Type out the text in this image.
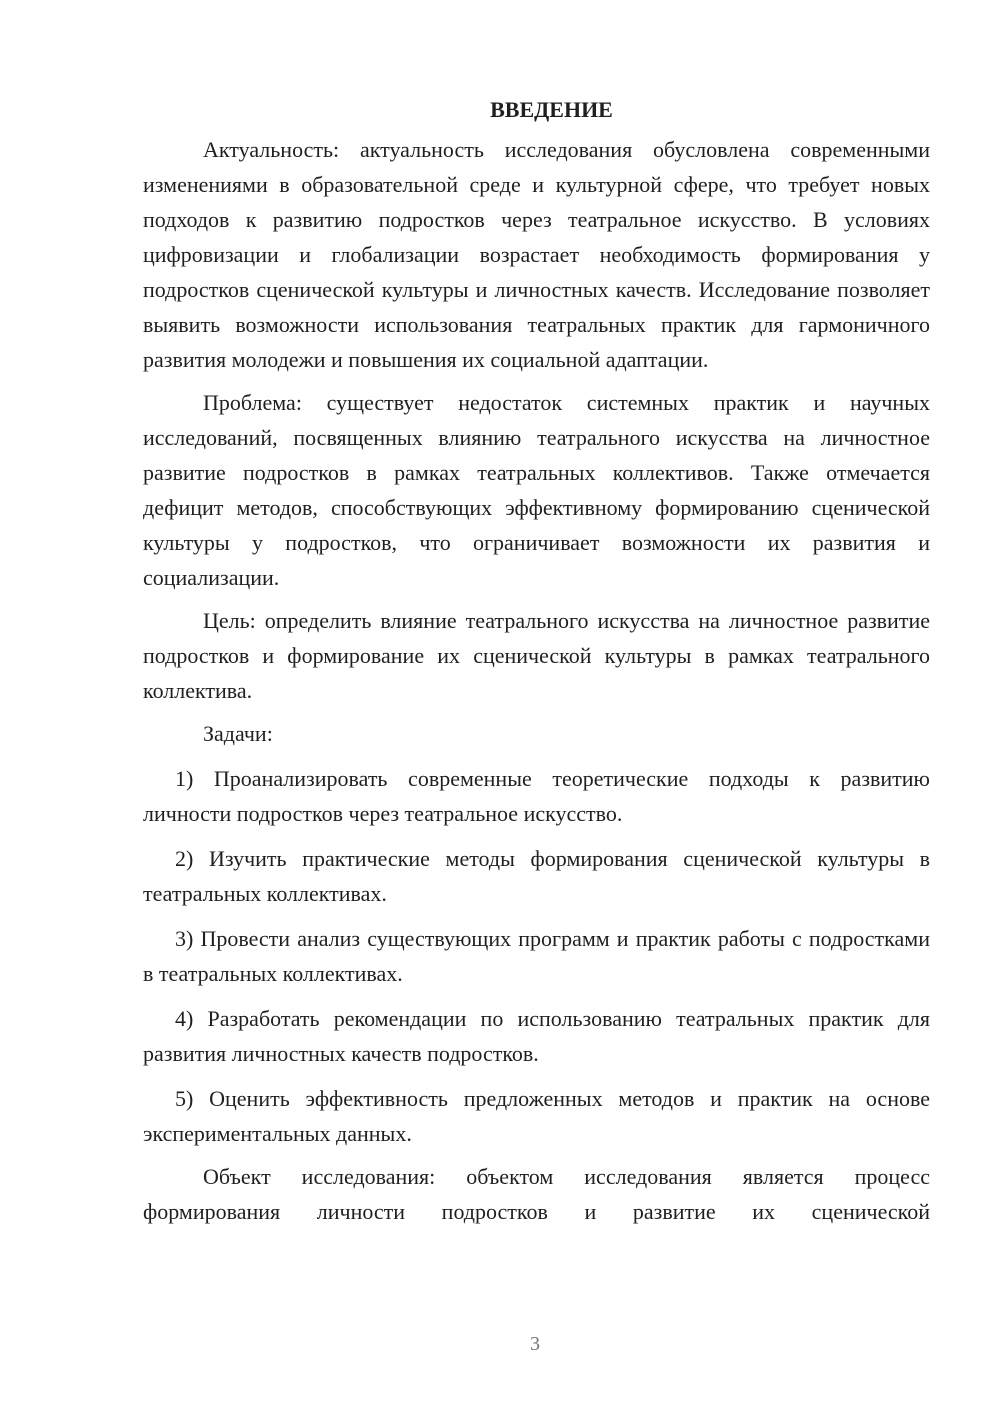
ВВЕДЕНИЕ

Актуальность: актуальность исследования обусловлена современными изменениями в образовательной среде и культурной сфере, что требует новых подходов к развитию подростков через театральное искусство. В условиях цифровизации и глобализации возрастает необходимость формирования у подростков сценической культуры и личностных качеств. Исследование позволяет выявить возможности использования театральных практик для гармоничного развития молодежи и повышения их социальной адаптации.

Проблема: существует недостаток системных практик и научных исследований, посвященных влиянию театрального искусства на личностное развитие подростков в рамках театральных коллективов. Также отмечается дефицит методов, способствующих эффективному формированию сценической культуры у подростков, что ограничивает возможности их развития и социализации.

Цель: определить влияние театрального искусства на личностное развитие подростков и формирование их сценической культуры в рамках театрального коллектива.

Задачи:

1) Проанализировать современные теоретические подходы к развитию личности подростков через театральное искусство.

2) Изучить практические методы формирования сценической культуры в театральных коллективах.

3) Провести анализ существующих программ и практик работы с подростками в театральных коллективах.

4) Разработать рекомендации по использованию театральных практик для развития личностных качеств подростков.

5) Оценить эффективность предложенных методов и практик на основе экспериментальных данных.

Объект исследования: объектом исследования является процесс формирования личности подростков и развитие их сценической

3
